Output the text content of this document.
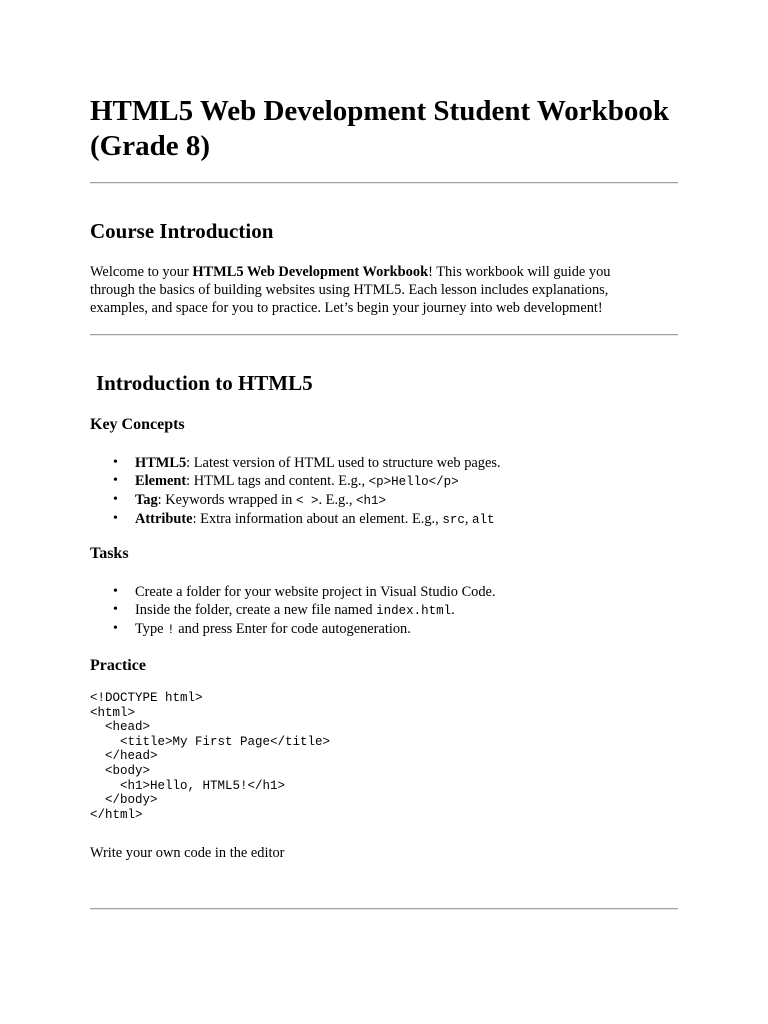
HTML5 Web Development Student Workbook (Grade 8)
Course Introduction

Welcome to your HTML5 Web Development Workbook! This workbook will guide you through the basics of building websites using HTML5. Each lesson includes explanations, examples, and space for you to practice. Let’s begin your journey into web development!

Introduction to HTML5
Key Concepts
• HTML5: Latest version of HTML used to structure web pages.
• Element: HTML tags and content. E.g., <p>Hello</p>
• Tag: Keywords wrapped in < >. E.g., <h1>
• Attribute: Extra information about an element. E.g., src, alt
Tasks
• Create a folder for your website project in Visual Studio Code.
• Inside the folder, create a new file named index.html.
• Type ! and press Enter for code autogeneration.
Practice
<!DOCTYPE html>
<html>
<head>
<title>My First Page</title>
</head>
<body>
<h1>Hello, HTML5!</h1>
</body>
</html>

Write your own code in the editor
